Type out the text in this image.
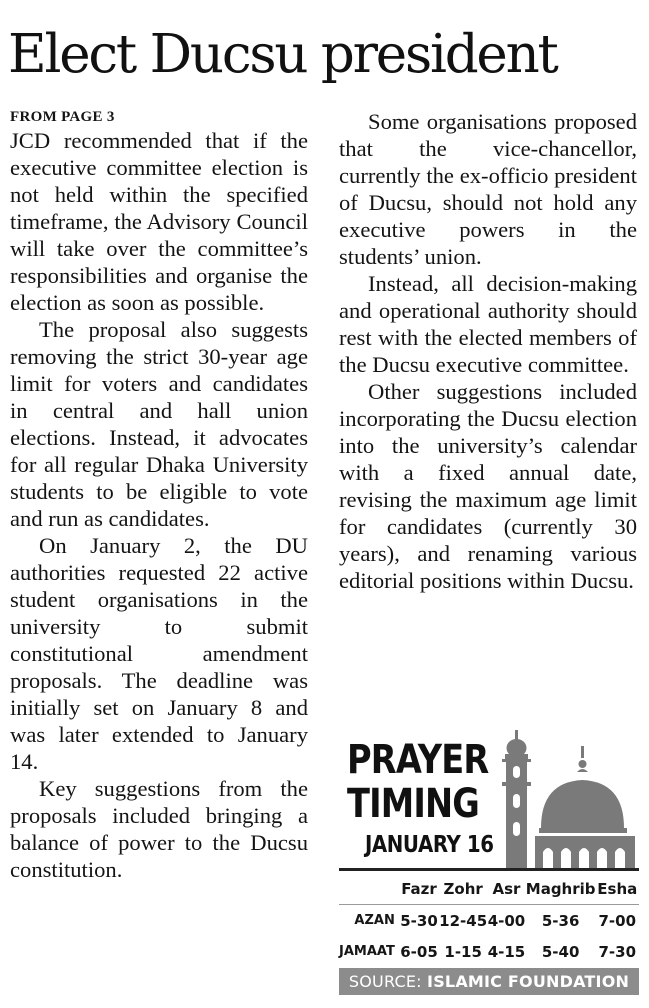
Elect Ducsu president

FROM PAGE 3

JCD recommended that if the executive committee election is not held within the specified timeframe, the Advisory Council will take over the committee’s responsibilities and organise the election as soon as possible.

The proposal also suggests removing the strict 30-year age limit for voters and candidates in central and hall union elections. Instead, it advocates for all regular Dhaka University students to be eligible to vote and run as candidates.

On January 2, the DU authorities requested 22 active student organisations in the university to submit constitutional amendment proposals. The deadline was initially set on January 8 and was later extended to January 14.

Key suggestions from the proposals included bringing a balance of power to the Ducsu constitution.

Some organisations proposed that the vice-chancellor, currently the ex-officio president of Ducsu, should not hold any executive powers in the students’ union.

Instead, all decision-making and operational authority should rest with the elected members of the Ducsu executive committee.

Other suggestions included incorporating the Ducsu election into the university’s calendar with a fixed annual date, revising the maximum age limit for candidates (currently 30 years), and renaming various editorial positions within Ducsu.

PRAYER
TIMING
JANUARY 16
	Fazr	Zohr	Asr	Maghrib	Esha
AZAN	5-30	12-45	4-00	5-36	7-00
JAMAAT	6-05	1-15	4-15	5-40	7-30
SOURCE: ISLAMIC FOUNDATION
